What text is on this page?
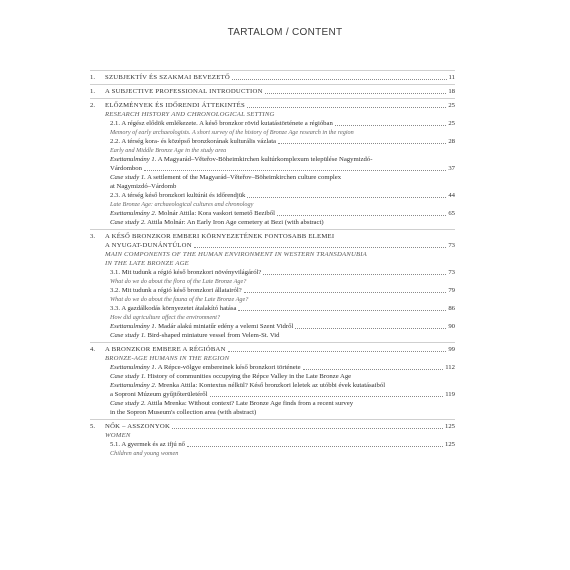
TARTALOM / CONTENT
1. SZUBJEKTÍV ÉS SZAKMAI BEVEZETŐ	11
1. A SUBJECTIVE PROFESSIONAL INTRODUCTION	18
2. ELŐZMÉNYEK ÉS IDŐRENDI ÁTTEKINTÉS	25
RESEARCH HISTORY AND CHRONOLOGICAL SETTING
2.1. A régész elődök emlékezete. A késő bronzkor rövid kutatástörténete a régióban	25
Memory of early archaeologists. A short survey of the history of Bronze Age research in the region
2.2. A térség kora- és középső bronzkorának kulturális vázlata	28
Early and Middle Bronze Age in the study area
Esettanulmány 1. A Magyarád–Vĕteřov-Böheimkirchen kultúrkomplexum települése Nagymizdó-
Várdombon	37
Case study 1. A settlement of the Magyarád–Vĕteřov–Böheimkirchen culture complex
at Nagymizdó–Várdomb
2.3. A térség késő bronzkori kultúrái és időrendjük	44
Late Bronze Age: archaeological cultures and chronology
Esettanulmány 2. Molnár Attila: Kora vaskori temető Beziből	65
Case study 2. Attila Molnár: An Early Iron Age cemetery at Bezi (with abstract)
3. A KÉSŐ BRONZKOR EMBERI KÖRNYEZETÉNEK FONTOSABB ELEMEI
A NYUGAT-DUNÁNTÚLON	73
MAIN COMPONENTS OF THE HUMAN ENVIRONMENT IN WESTERN TRANSDANUBIA
IN THE LATE BRONZE AGE
3.1. Mit tudunk a régió késő bronzkori növényvilágáról?	73
What do we do about the flora of the Late Bronze Age?
3.2. Mit tudunk a régió késő bronzkori állatairól?	79
What do we do about the fauna of the Late Bronze Age?
3.3. A gazdálkodás környezetet átalakító hatása	86
How did agriculture affect the environment?
Esettanulmány 1. Madár alakú miniatűr edény a velemi Szent Vidről	90
Case study 1. Bird-shaped miniature vessel from Velem-St. Vid
4. A BRONZKOR EMBERE A RÉGIÓBAN	99
BRONZE-AGE HUMANS IN THE REGION
Esettanulmány 1. A Répce-völgye embereinek késő bronzkori története	112
Case study 1. History of communities occupying the Répce Valley in the Late Bronze Age
Esettanulmány 2. Mrenka Attila: Kontextus nélkül? Késő bronzkori leletek az utóbbi évek kutatásaiból
a Soproni Múzeum gyűjtőterületéről	119
Case study 2. Attila Mrenka: Without context? Late Bronze Age finds from a recent survey
in the Sopron Museum's collection area (with abstract)
5. NŐK – ASSZONYOK	125
WOMEN
5.1. A gyermek és az ifjú nő	125
Children and young women
